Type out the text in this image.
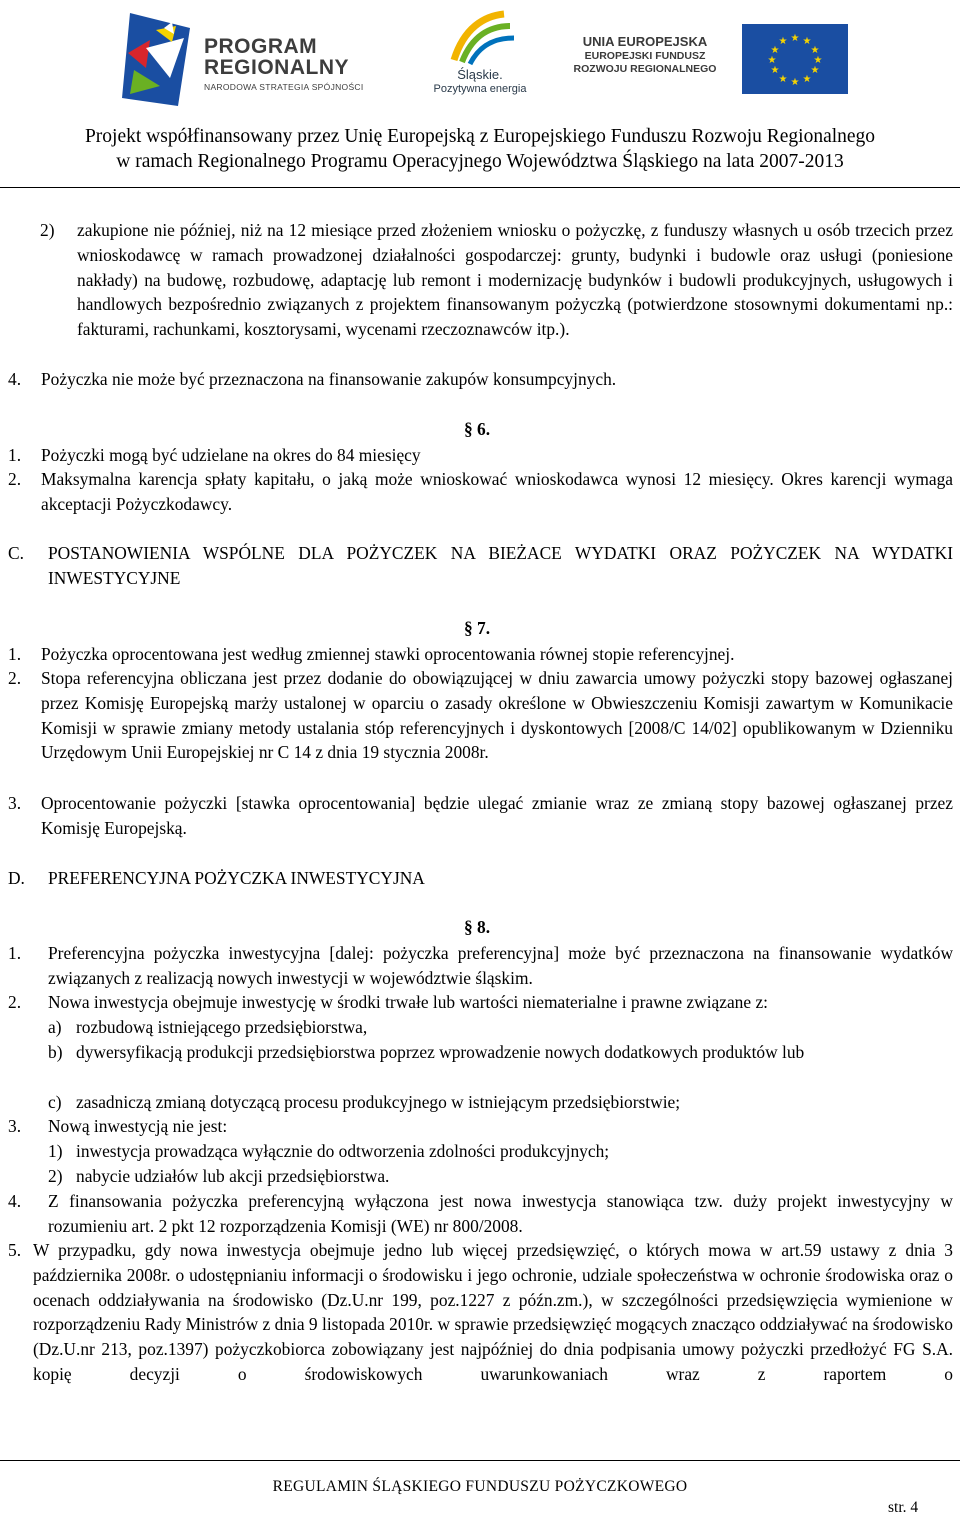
PROGRAM
REGIONALNY
NARODOWA STRATEGIA SPÓJNOŚCI
Śląskie.
Pozytywna energia
UNIA EUROPEJSKA
EUROPEJSKI FUNDUSZ
ROZWOJU REGIONALNEGO
★ ★
★
★
★
★
★
★
★
★
★
★
Projekt współfinansowany przez Unię Europejską z Europejskiego Funduszu Rozwoju Regionalnego
w ramach Regionalnego Programu Operacyjnego Województwa Śląskiego na lata 2007-2013
2) zakupione nie później, niż na 12 miesiące przed złożeniem wniosku o pożyczkę, z funduszy własnych u osób trzecich przez wnioskodawcę w ramach prowadzonej działalności gospodarczej: grunty, budynki i budowle oraz usługi (poniesione nakłady) na budowę, rozbudowę, adaptację lub remont i modernizację budynków i budowli produkcyjnych, usługowych i handlowych bezpośrednio związanych z projektem finansowanym pożyczką (potwierdzone stosownymi dokumentami np.: fakturami, rachunkami, kosztorysami, wycenami rzeczoznawców itp.).
4. Pożyczka nie może być przeznaczona na finansowanie zakupów konsumpcyjnych.
§ 6.
1. Pożyczki mogą być udzielane na okres do 84 miesięcy
2. Maksymalna karencja spłaty kapitału, o jaką może wnioskować wnioskodawca wynosi 12 miesięcy. Okres karencji wymaga akceptacji Pożyczkodawcy.
C. POSTANOWIENIA WSPÓLNE DLA POŻYCZEK NA BIEŻACE WYDATKI ORAZ POŻYCZEK NA WYDATKI INWESTYCYJNE
§ 7.
1. Pożyczka oprocentowana jest według zmiennej stawki oprocentowania równej stopie referencyjnej.
2. Stopa referencyjna obliczana jest przez dodanie do obowiązującej w dniu zawarcia umowy pożyczki stopy bazowej ogłaszanej przez Komisję Europejską marży ustalonej w oparciu o zasady określone w Obwieszczeniu Komisji zawartym w Komunikacie Komisji w sprawie zmiany metody ustalania stóp referencyjnych i dyskontowych [2008/C 14/02] opublikowanym w Dzienniku Urzędowym Unii Europejskiej nr C 14 z dnia 19 stycznia 2008r.
3. Oprocentowanie pożyczki [stawka oprocentowania] będzie ulegać zmianie wraz ze zmianą stopy bazowej ogłaszanej przez Komisję Europejską.
D. PREFERENCYJNA POŻYCZKA INWESTYCYJNA
§ 8.
1. Preferencyjna pożyczka inwestycyjna [dalej: pożyczka preferencyjna] może być przeznaczona na finansowanie wydatków związanych z realizacją nowych inwestycji w województwie śląskim.
2. Nowa inwestycja obejmuje inwestycję w środki trwałe lub wartości niematerialne i prawne związane z:
a) rozbudową istniejącego przedsiębiorstwa,
b) dywersyfikacją produkcji przedsiębiorstwa poprzez wprowadzenie nowych dodatkowych produktów lub
c) zasadniczą zmianą dotyczącą procesu produkcyjnego w istniejącym przedsiębiorstwie;
3. Nową inwestycją nie jest:
1) inwestycja prowadząca wyłącznie do odtworzenia zdolności produkcyjnych;
2) nabycie udziałów lub akcji przedsiębiorstwa.
4. Z finansowania pożyczka preferencyjną wyłączona jest nowa inwestycja stanowiąca tzw. duży projekt inwestycyjny w rozumieniu art. 2 pkt 12 rozporządzenia Komisji (WE) nr 800/2008.
5. W przypadku, gdy nowa inwestycja obejmuje jedno lub więcej przedsięwzięć, o których mowa w art.59 ustawy z dnia 3 października 2008r. o udostępnianiu informacji o środowisku i jego ochronie, udziale społeczeństwa w ochronie środowiska oraz o ocenach oddziaływania na środowisko (Dz.U.nr 199, poz.1227 z późn.zm.), w szczególności przedsięwzięcia wymienione w rozporządzeniu Rady Ministrów z dnia 9 listopada 2010r. w sprawie przedsięwzięć mogących znacząco oddziaływać na środowisko (Dz.U.nr 213, poz.1397) pożyczkobiorca zobowiązany jest najpóźniej do dnia podpisania umowy pożyczki przedłożyć FG S.A. kopię decyzji o środowiskowych uwarunkowaniach wraz z raportem o
REGULAMIN ŚLĄSKIEGO FUNDUSZU POŻYCZKOWEGO
str. 4
